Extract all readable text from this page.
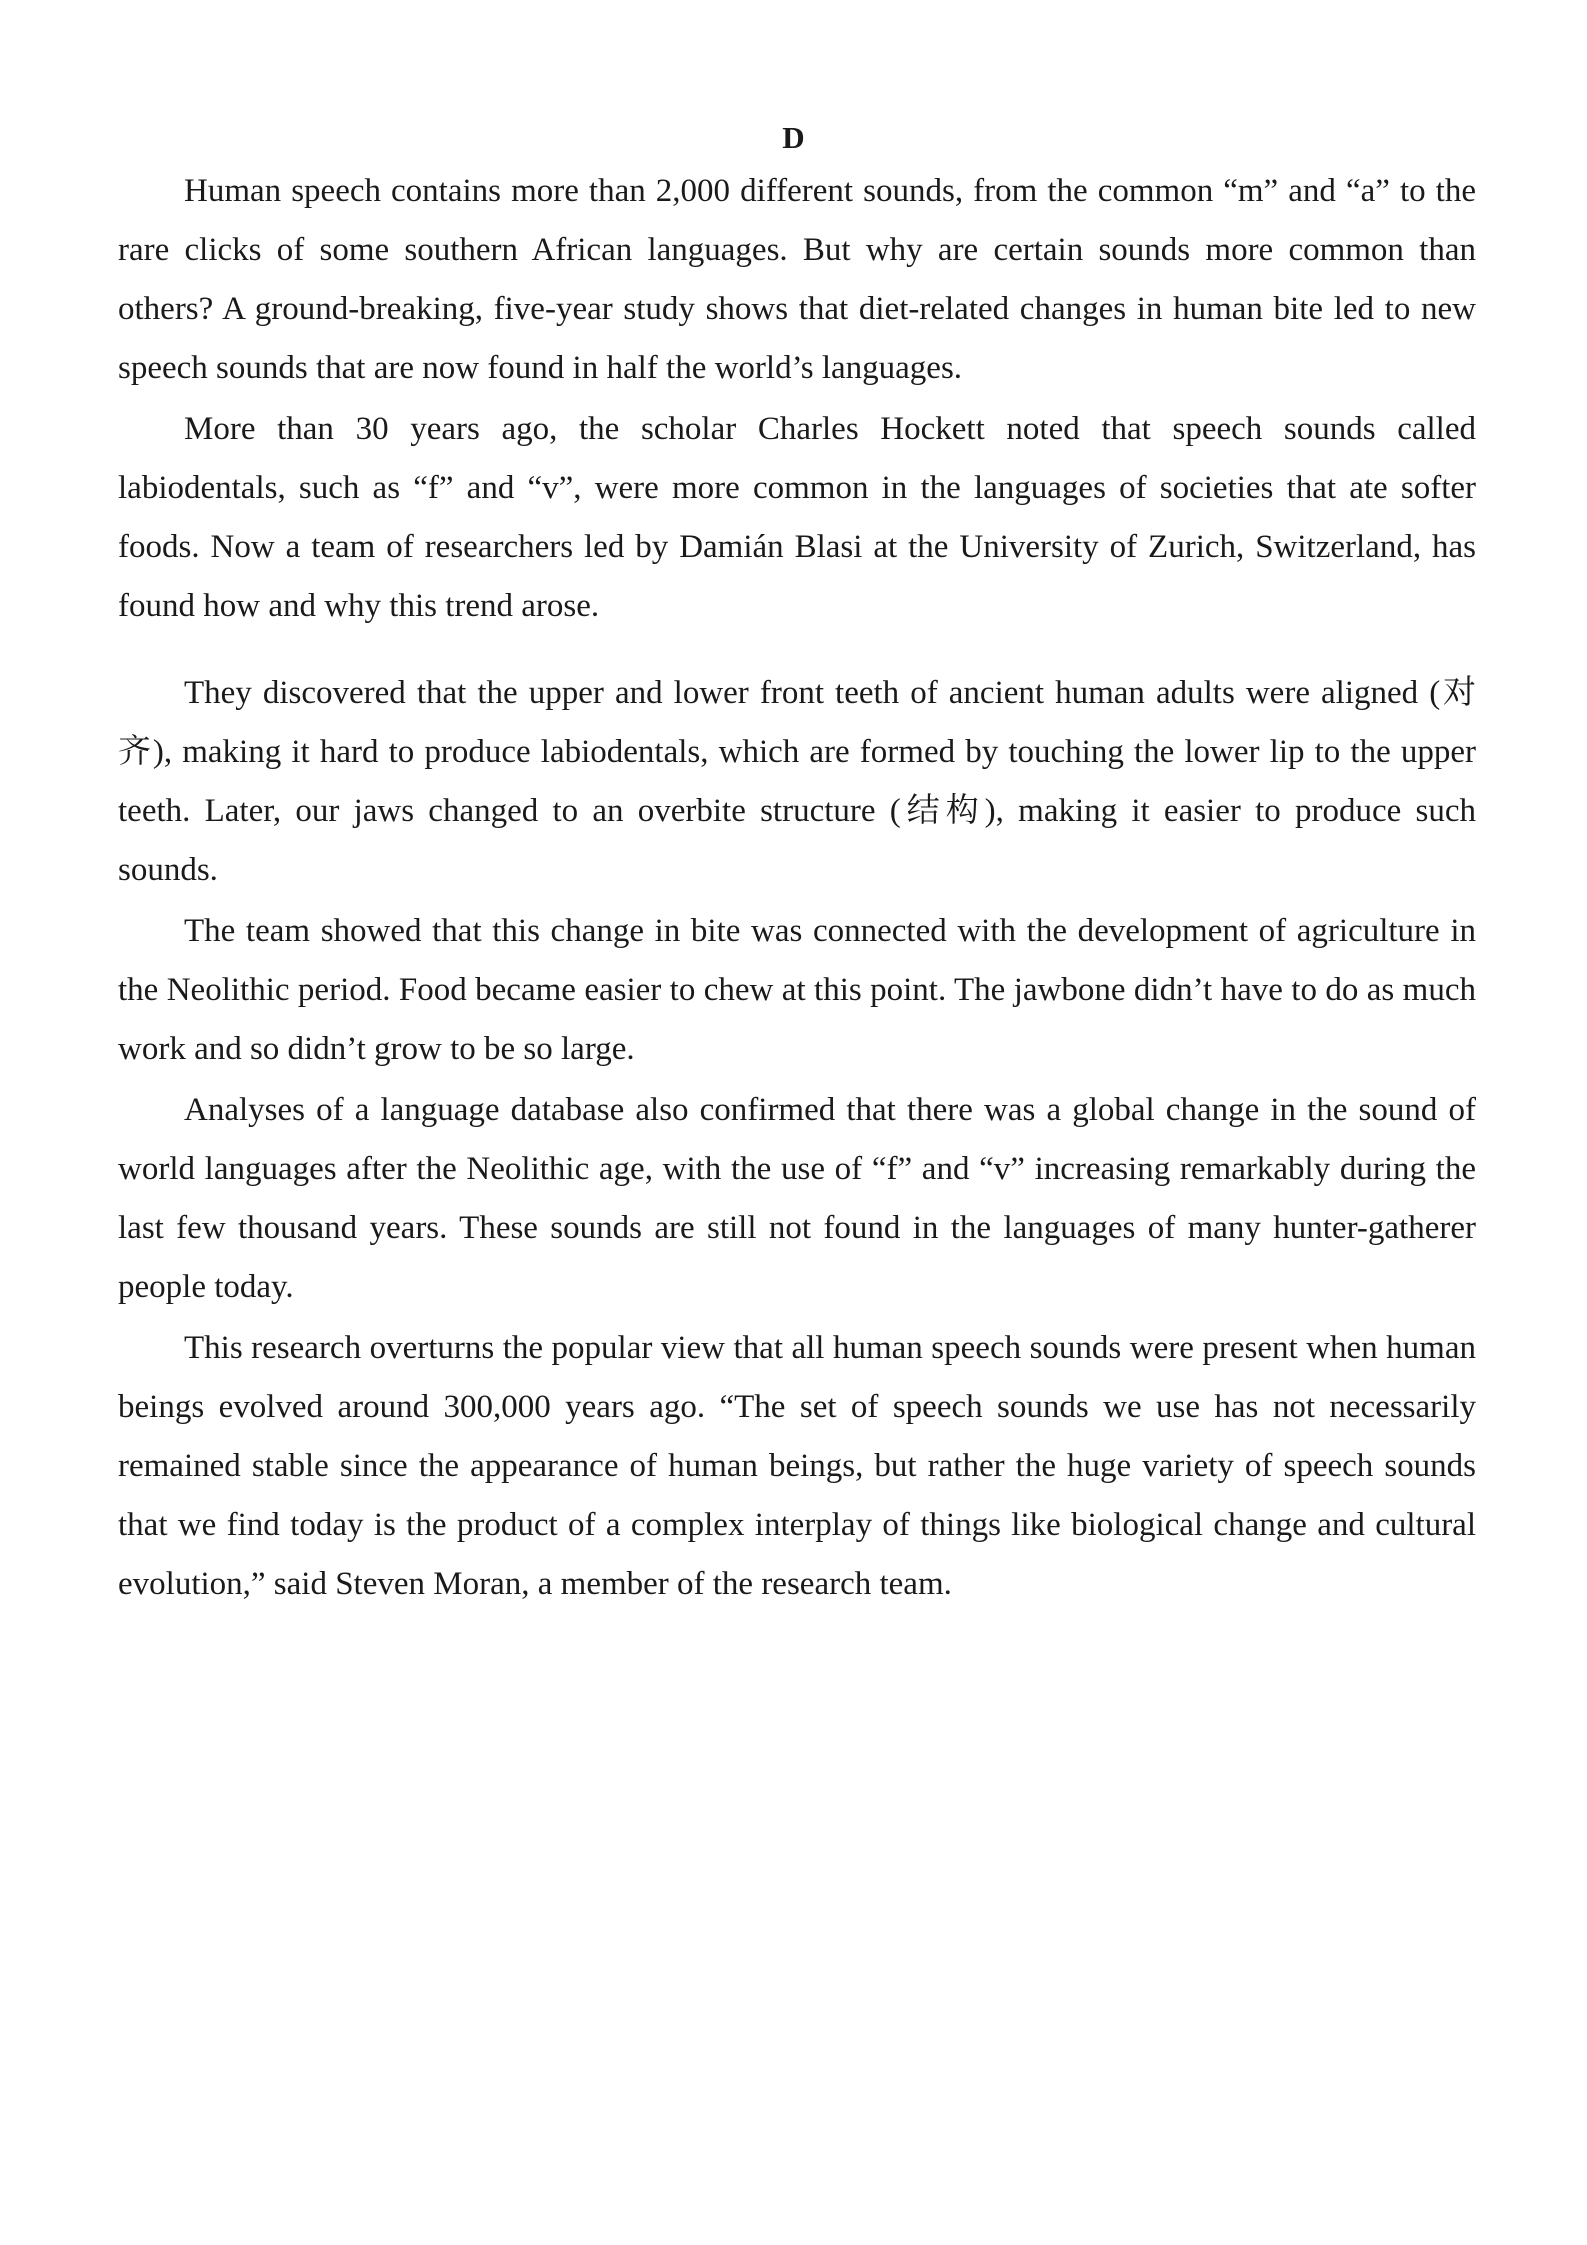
D

Human speech contains more than 2,000 different sounds, from the common “m” and “a” to the rare clicks of some southern African languages. But why are certain sounds more common than others? A ground-breaking, five-year study shows that diet-related changes in human bite led to new speech sounds that are now found in half the world’s languages.

More than 30 years ago, the scholar Charles Hockett noted that speech sounds called labiodentals, such as “f” and “v”, were more common in the languages of societies that ate softer foods. Now a team of researchers led by Damián Blasi at the University of Zurich, Switzerland, has found how and why this trend arose.

They discovered that the upper and lower front teeth of ancient human adults were aligned (对齐), making it hard to produce labiodentals, which are formed by touching the lower lip to the upper teeth. Later, our jaws changed to an overbite structure (结构), making it easier to produce such sounds.

The team showed that this change in bite was connected with the development of agriculture in the Neolithic period. Food became easier to chew at this point. The jawbone didn’t have to do as much work and so didn’t grow to be so large.

Analyses of a language database also confirmed that there was a global change in the sound of world languages after the Neolithic age, with the use of “f” and “v” increasing remarkably during the last few thousand years. These sounds are still not found in the languages of many hunter-gatherer people today.

This research overturns the popular view that all human speech sounds were present when human beings evolved around 300,000 years ago. “The set of speech sounds we use has not necessarily remained stable since the appearance of human beings, but rather the huge variety of speech sounds that we find today is the product of a complex interplay of things like biological change and cultural evolution,” said Steven Moran, a member of the research team.
